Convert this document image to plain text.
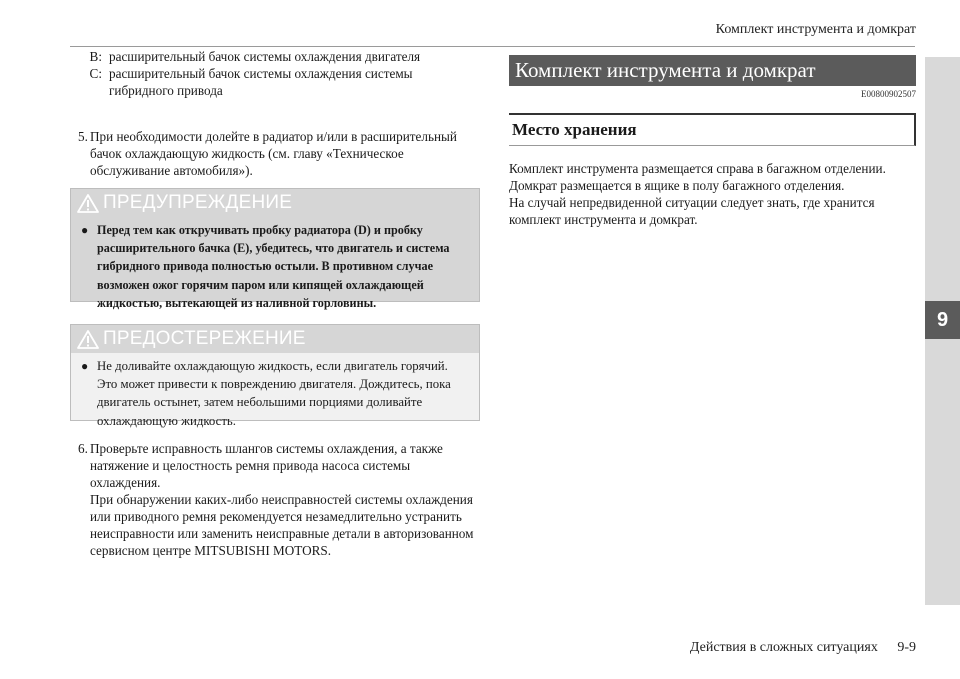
Комплект инструмента и домкрат
9
B: расширительный бачок системы охлаждения двигателя
C: расширительный бачок системы охлаждения системы гибридного привода
5. При необходимости долейте в радиатор и/или в расширительный бачок охлаждающую жидкость (см. главу «Техническое обслуживание автомобиля»).
6. Проверьте исправность шлангов системы охлаждения, а также натяжение и целостность ремня привода насоса системы охлаждения.
При обнаружении каких-либо неисправностей системы охлаждения или приводного ремня рекомендуется незамедлительно устранить неисправности или заменить неисправные детали в авторизованном сервисном центре MITSUBISHI MOTORS.
ПРЕДУПРЕЖДЕНИЕ
● Перед тем как откручивать пробку радиатора (D) и пробку расширительного бачка (E), убедитесь, что двигатель и система гибридного привода полностью остыли. В противном случае возможен ожог горячим паром или кипящей охлаждающей жидкостью, вытекающей из наливной горловины.
ПРЕДОСТЕРЕЖЕНИЕ
● Не доливайте охлаждающую жидкость, если двигатель горячий. Это может привести к повреждению двигателя. Дождитесь, пока двигатель остынет, затем небольшими порциями доливайте охлаждающую жидкость.
Комплект инструмента и домкрат
E00800902507
Место хранения
Комплект инструмента размещается справа в багажном отделении.
Домкрат размещается в ящике в полу багажного отделения.
На случай непредвиденной ситуации следует знать, где хранится комплект инструмента и домкрат.
Действия в сложных ситуациях 9-9
